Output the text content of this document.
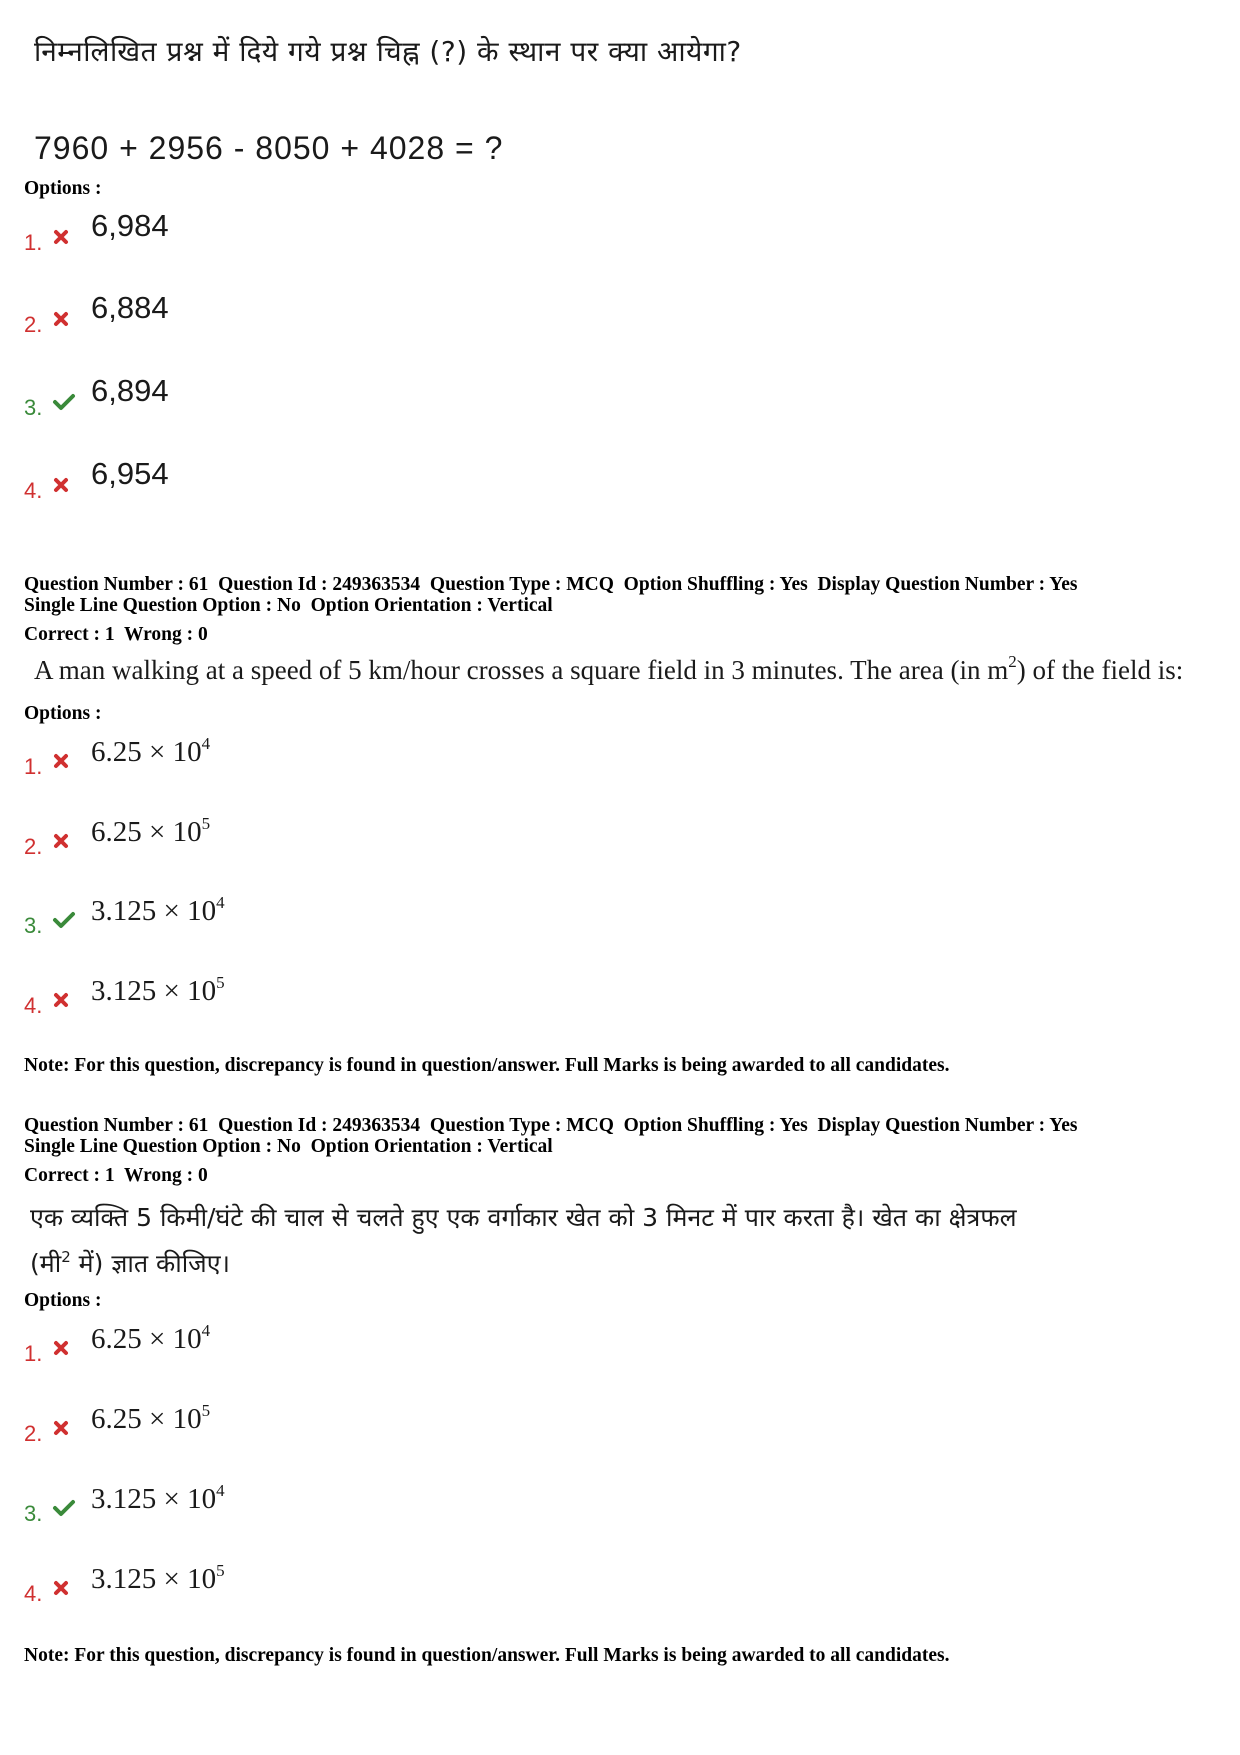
निम्नलिखित प्रश्न में दिये गये प्रश्न चिह्न (?) के स्थान पर क्या आयेगा?
7960 + 2956 - 8050 + 4028 = ?
Options :
1. 6,984
2. 6,884
3. 6,894
4. 6,954
Question Number : 61  Question Id : 249363534  Question Type : MCQ  Option Shuffling : Yes  Display Question Number : Yes
Single Line Question Option : No  Option Orientation : Vertical
Correct : 1  Wrong : 0
A man walking at a speed of 5 km/hour crosses a square field in 3 minutes. The area (in $m^2$) of the field is:
Options :
1. $6.25 \times 10^4$
2. $6.25 \times 10^5$
3. $3.125 \times 10^4$
4. $3.125 \times 10^5$
Note: For this question, discrepancy is found in question/answer. Full Marks is being awarded to all candidates.
Question Number : 61  Question Id : 249363534  Question Type : MCQ  Option Shuffling : Yes  Display Question Number : Yes
Single Line Question Option : No  Option Orientation : Vertical
Correct : 1  Wrong : 0
एक व्यक्ति 5 किमी/घंटे की चाल से चलते हुए एक वर्गाकार खेत को 3 मिनट में पार करता है। खेत का क्षेत्रफल
(मी$^2$ में) ज्ञात कीजिए।
Options :
1. $6.25 \times 10^4$
2. $6.25 \times 10^5$
3. $3.125 \times 10^4$
4. $3.125 \times 10^5$
Note: For this question, discrepancy is found in question/answer. Full Marks is being awarded to all candidates.
